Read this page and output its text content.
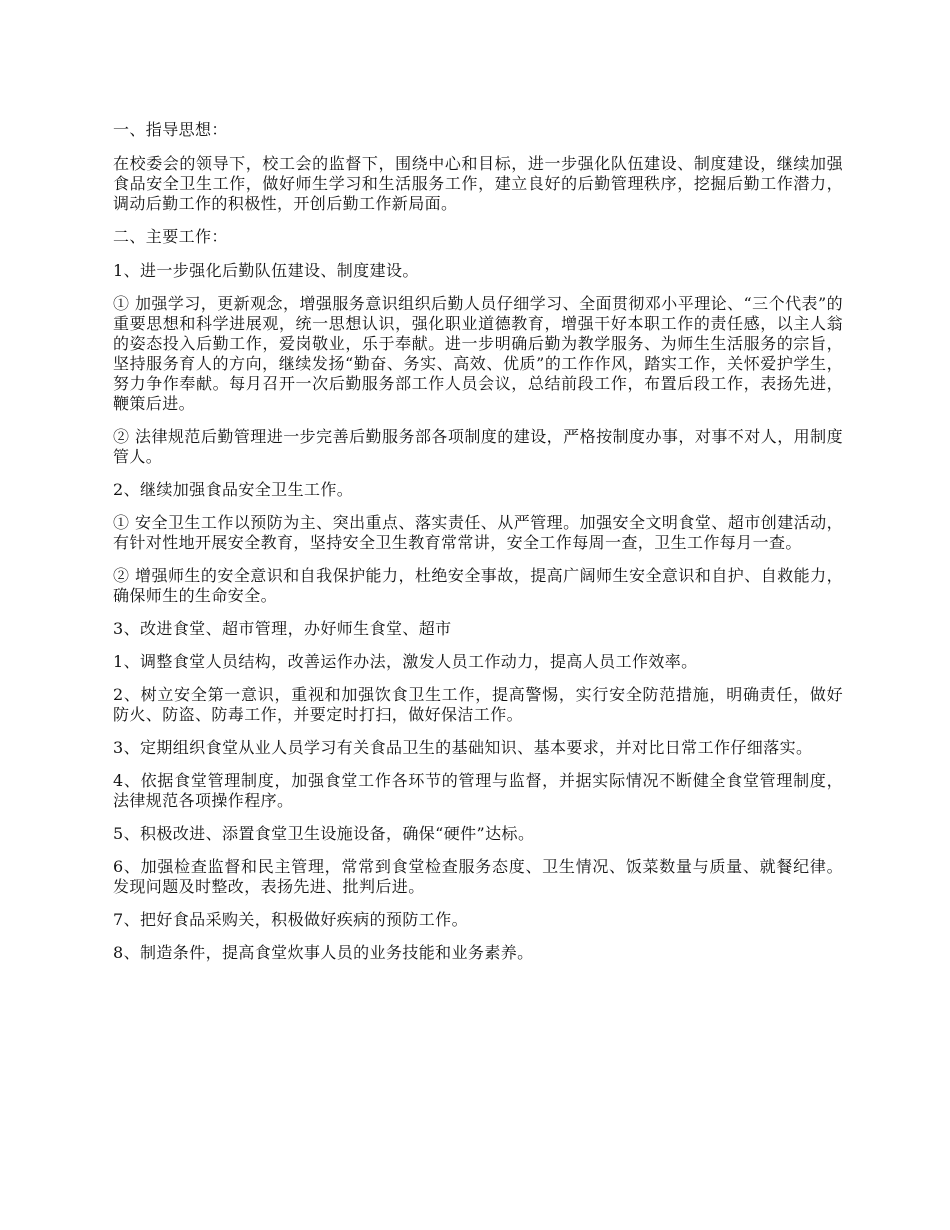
一、指导思想：

在校委会的领导下，校工会的监督下，围绕中心和目标，进一步强化队伍建设、制度建设，继续加强食品安全卫生工作，做好师生学习和生活服务工作，建立良好的后勤管理秩序，挖掘后勤工作潜力，调动后勤工作的积极性，开创后勤工作新局面。

二、主要工作：

1、进一步强化后勤队伍建设、制度建设。

① 加强学习，更新观念，增强服务意识组织后勤人员仔细学习、全面贯彻邓小平理论、“三个代表”的重要思想和科学进展观，统一思想认识，强化职业道德教育，增强干好本职工作的责任感，以主人翁的姿态投入后勤工作，爱岗敬业，乐于奉献。进一步明确后勤为教学服务、为师生生活服务的宗旨，坚持服务育人的方向，继续发扬“勤奋、务实、高效、优质”的工作作风，踏实工作，关怀爱护学生，努力争作奉献。每月召开一次后勤服务部工作人员会议，总结前段工作，布置后段工作，表扬先进，鞭策后进。

② 法律规范后勤管理进一步完善后勤服务部各项制度的建设，严格按制度办事，对事不对人，用制度管人。

2、继续加强食品安全卫生工作。

① 安全卫生工作以预防为主、突出重点、落实责任、从严管理。加强安全文明食堂、超市创建活动，有针对性地开展安全教育，坚持安全卫生教育常常讲，安全工作每周一查，卫生工作每月一查。

② 增强师生的安全意识和自我保护能力，杜绝安全事故，提高广阔师生安全意识和自护、自救能力，确保师生的生命安全。

3、改进食堂、超市管理，办好师生食堂、超市

1、调整食堂人员结构，改善运作办法，激发人员工作动力，提高人员工作效率。

2、树立安全第一意识，重视和加强饮食卫生工作，提高警惕，实行安全防范措施，明确责任，做好防火、防盗、防毒工作，并要定时打扫，做好保洁工作。

3、定期组织食堂从业人员学习有关食品卫生的基础知识、基本要求，并对比日常工作仔细落实。

4、依据食堂管理制度，加强食堂工作各环节的管理与监督，并据实际情况不断健全食堂管理制度，法律规范各项操作程序。

5、积极改进、添置食堂卫生设施设备，确保“硬件”达标。

6、加强检查监督和民主管理，常常到食堂检查服务态度、卫生情况、饭菜数量与质量、就餐纪律。发现问题及时整改，表扬先进、批判后进。

7、把好食品采购关，积极做好疾病的预防工作。

8、制造条件，提高食堂炊事人员的业务技能和业务素养。
